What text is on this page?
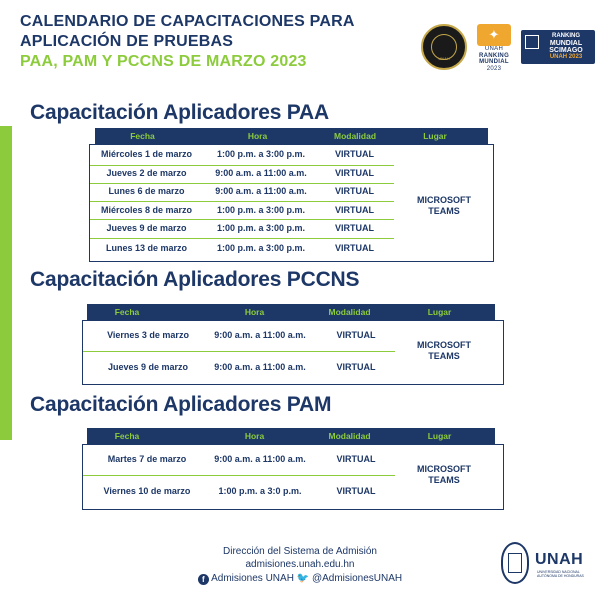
CALENDARIO DE CAPACITACIONES PARA
APLICACIÓN DE PRUEBAS
PAA, PAM Y PCCNS DE MARZO 2023	UNAH
✦
UNAH
RANKING
MUNDIAL
2023
RANKING
MUNDIAL
SCIMAGO
UNAH 2023
Capacitación Aplicadores PAA
Fecha	Hora	Modalidad	Lugar
Miércoles 1 de marzo	1:00 p.m. a 3:00 p.m.	VIRTUAL
Jueves 2 de marzo	9:00 a.m. a 11:00 a.m.	VIRTUAL
Lunes 6 de marzo	9:00 a.m. a 11:00 a.m.	VIRTUAL
Miércoles 8 de marzo	1:00 p.m. a 3:00 p.m.	VIRTUAL
Jueves 9 de marzo	1:00 p.m. a 3:00 p.m.	VIRTUAL
Lunes 13 de marzo	1:00 p.m. a 3:00 p.m.	VIRTUAL
MICROSOFT
TEAMS
Capacitación Aplicadores PCCNS
Fecha	Hora	Modalidad	Lugar
Viernes 3 de marzo	9:00 a.m. a 11:00 a.m.	VIRTUAL
Jueves 9 de marzo	9:00 a.m. a 11:00 a.m.	VIRTUAL
MICROSOFT
TEAMS
Capacitación Aplicadores PAM
Fecha	Hora	Modalidad	Lugar
Martes 7 de marzo	9:00 a.m. a 11:00 a.m.	VIRTUAL
Viernes 10 de marzo	1:00 p.m. a 3:0 p.m.	VIRTUAL
MICROSOFT
TEAMS
Dirección del Sistema de Admisión
admisiones.unah.edu.hn
f Admisiones UNAH 🐦 @AdmisionesUNAH
UNAH
UNIVERSIDAD NACIONAL AUTÓNOMA DE HONDURAS
